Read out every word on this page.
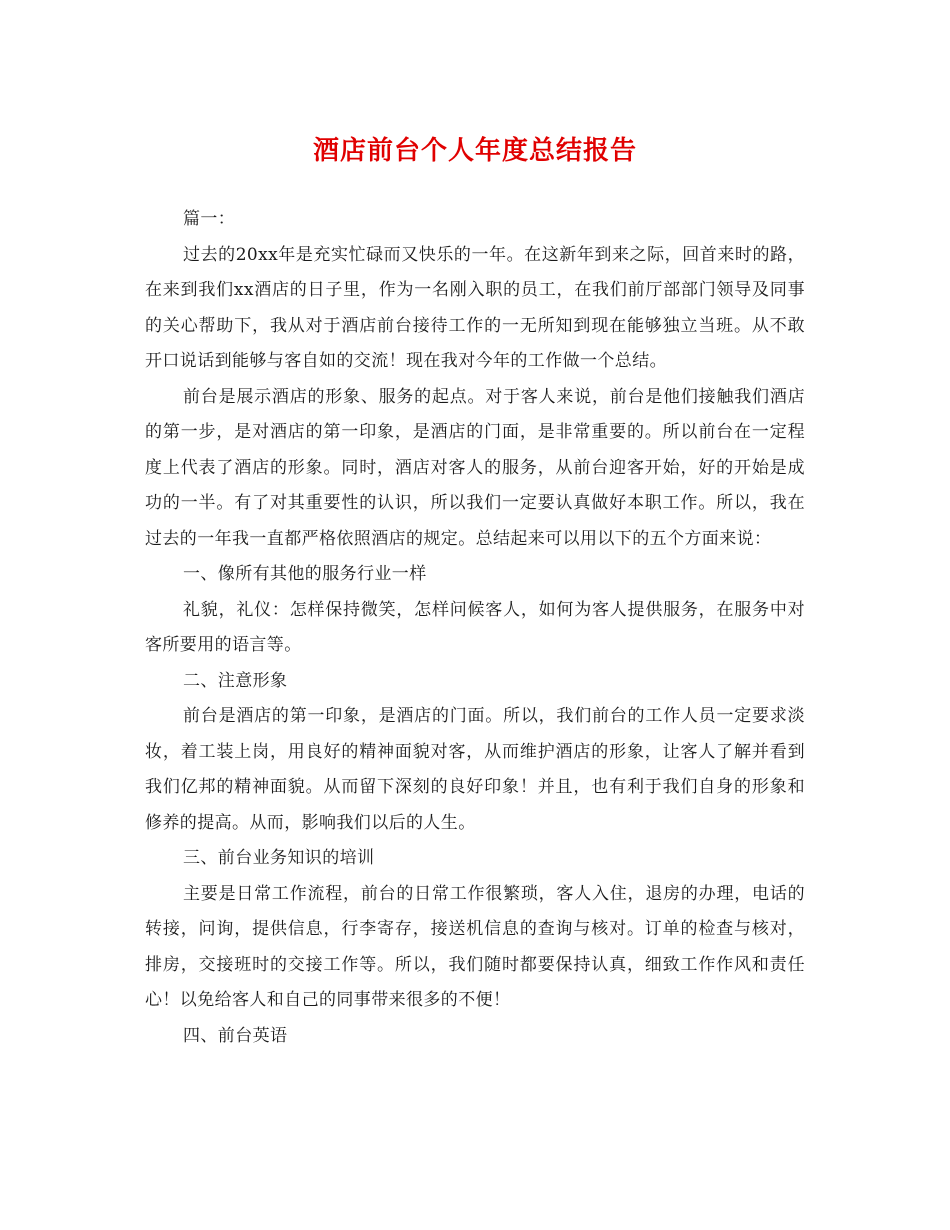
酒店前台个人年度总结报告

篇一：

过去的20xx年是充实忙碌而又快乐的一年。在这新年到来之际，回首来时的路，在来到我们xx酒店的日子里，作为一名刚入职的员工，在我们前厅部部门领导及同事的关心帮助下，我从对于酒店前台接待工作的一无所知到现在能够独立当班。从不敢开口说话到能够与客自如的交流！现在我对今年的工作做一个总结。

前台是展示酒店的形象、服务的起点。对于客人来说，前台是他们接触我们酒店的第一步，是对酒店的第一印象，是酒店的门面，是非常重要的。所以前台在一定程度上代表了酒店的形象。同时，酒店对客人的服务，从前台迎客开始，好的开始是成功的一半。有了对其重要性的认识，所以我们一定要认真做好本职工作。所以，我在过去的一年我一直都严格依照酒店的规定。总结起来可以用以下的五个方面来说：

一、像所有其他的服务行业一样

礼貌，礼仪：怎样保持微笑，怎样问候客人，如何为客人提供服务，在服务中对客所要用的语言等。

二、注意形象

前台是酒店的第一印象，是酒店的门面。所以，我们前台的工作人员一定要求淡妆，着工装上岗，用良好的精神面貌对客，从而维护酒店的形象，让客人了解并看到我们亿邦的精神面貌。从而留下深刻的良好印象！并且，也有利于我们自身的形象和修养的提高。从而，影响我们以后的人生。

三、前台业务知识的培训

主要是日常工作流程，前台的日常工作很繁琐，客人入住，退房的办理，电话的转接，问询，提供信息，行李寄存，接送机信息的查询与核对。订单的检查与核对，排房，交接班时的交接工作等。所以，我们随时都要保持认真，细致工作作风和责任心！以免给客人和自己的同事带来很多的不便！

四、前台英语
